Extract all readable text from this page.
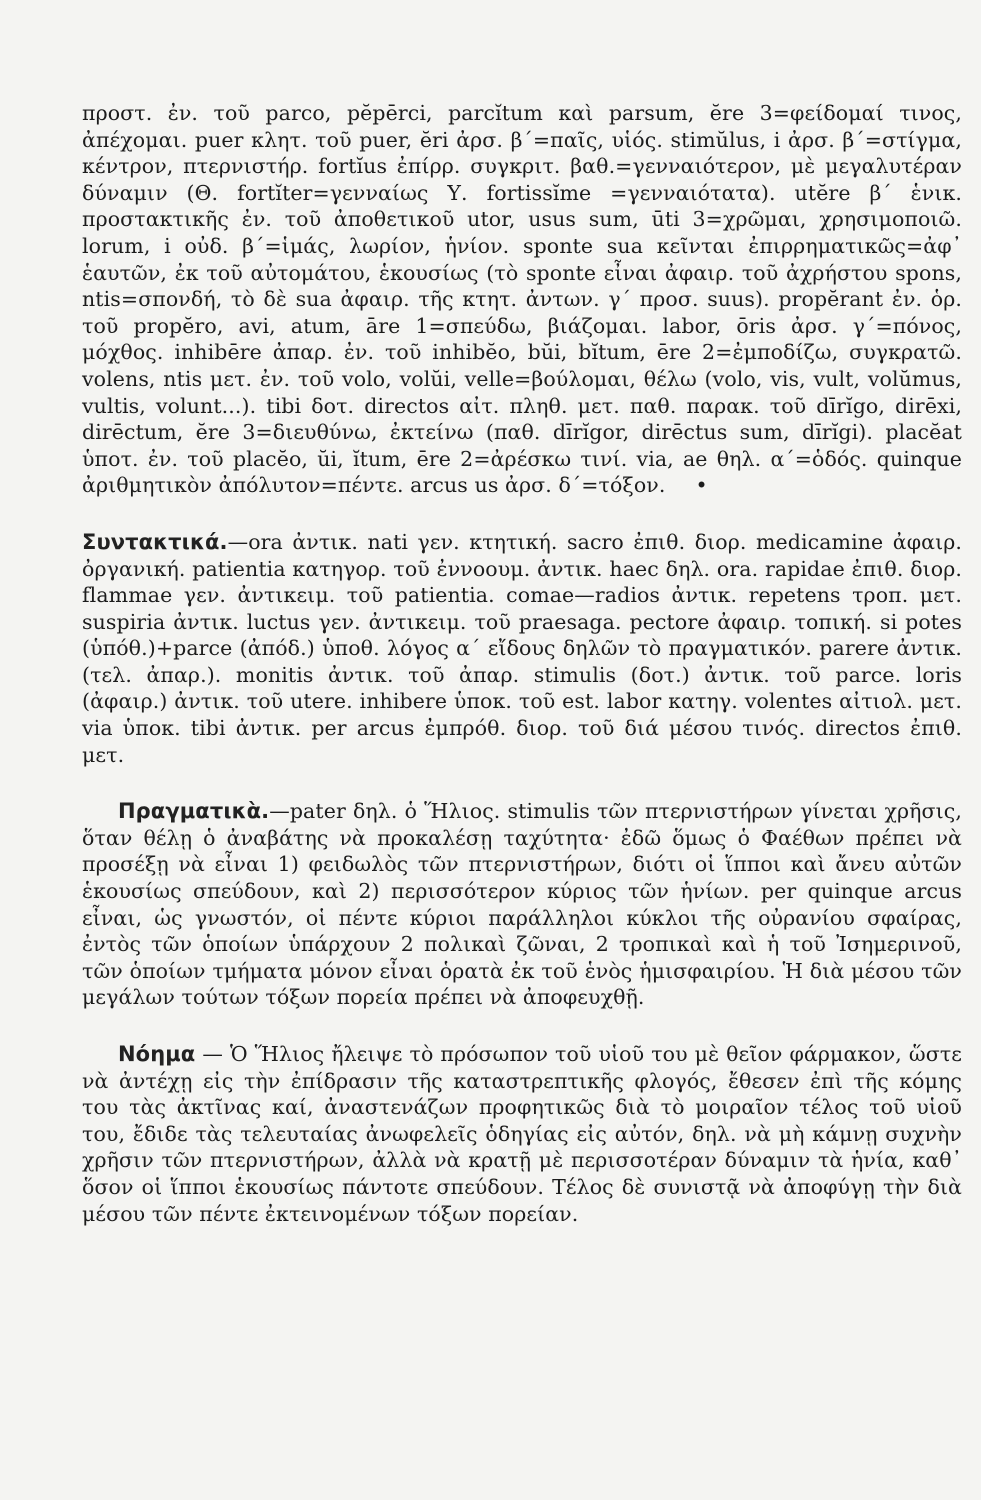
προστ. ἐν. τοῦ parco, pĕpērci, parcĭtum καὶ parsum, ĕre 3=φείδομαί τινος, ἀπέχομαι. puer κλητ. τοῦ puer, ĕri ἀρσ. β΄=παῖς, υἱός. stimŭlus, i ἀρσ. β΄=στίγμα, κέντρον, πτερνιστήρ. fortĭus ἐπίρρ. συγκριτ. βαθ.=γενναιότερον, μὲ μεγαλυτέραν δύναμιν (Θ. fortĭter=γενναίως Υ. fortissĭme =γενναιότατα). utĕre β΄ ἑνικ. προστακτικῆς ἐν. τοῦ ἀποθετικοῦ utor, usus sum, ūti 3=χρῶμαι, χρησιμοποιῶ. lorum, i οὐδ. β΄=ἱμάς, λωρίον, ἡνίον. sponte sua κεῖνται ἐπιρρηματικῶς=ἀφ᾽ ἑαυτῶν, ἐκ τοῦ αὐτομάτου, ἑκουσίως (τὸ sponte εἶναι ἀφαιρ. τοῦ ἀχρήστου spons, ntis=σπονδή, τὸ δὲ sua ἀφαιρ. τῆς κτητ. ἀντων. γ΄ προσ. suus). propĕrant ἐν. ὁρ. τοῦ propĕro, avi, atum, āre 1=σπεύδω, βιάζομαι. labor, ōris ἀρσ. γ΄=πόνος, μόχθος. inhibēre ἀπαρ. ἐν. τοῦ inhibĕo, bŭi, bĭtum, ēre 2=ἐμποδίζω, συγκρατῶ. volens, ntis μετ. ἐν. τοῦ volo, volŭi, velle=βούλομαι, θέλω (volo, vis, vult, volŭmus, vultis, volunt...). tibi δοτ. directos αἰτ. πληθ. μετ. παθ. παρακ. τοῦ dīrĭgo, dirēxi, dirēctum, ĕre 3=διευθύνω, ἐκτείνω (παθ. dīrĭgor, dirēctus sum, dīrĭgi). placĕat ὑποτ. ἐν. τοῦ placĕo, ŭi, ĭtum, ēre 2=ἀρέσκω τινί. via, ae θηλ. α΄=ὁδός. quinque ἀριθμητικὸν ἀπόλυτον=πέντε. arcus us ἀρσ. δ΄=τόξον. •

Συντακτικά.—ora ἀντικ. nati γεν. κτητική. sacro ἐπιθ. διορ. medicamine ἀφαιρ. ὀργανική. patientia κατηγορ. τοῦ ἐννοουμ. ἀντικ. haec δηλ. ora. rapidae ἐπιθ. διορ. flammae γεν. ἀντικειμ. τοῦ patientia. comae—radios ἀντικ. repetens τροπ. μετ. suspiria ἀντικ. luctus γεν. ἀντικειμ. τοῦ praesaga. pectore ἀφαιρ. τοπική. si potes (ὑπόθ.)+parce (ἀπόδ.) ὑποθ. λόγος α΄ εἴδους δηλῶν τὸ πραγματικόν. parere ἀντικ. (τελ. ἀπαρ.). monitis ἀντικ. τοῦ ἀπαρ. stimulis (δοτ.) ἀντικ. τοῦ parce. loris (ἀφαιρ.) ἀντικ. τοῦ utere. inhibere ὑποκ. τοῦ est. labor κατηγ. volentes αἰτιολ. μετ. via ὑποκ. tibi ἀντικ. per arcus ἐμπρόθ. διορ. τοῦ διά μέσου τινός. directos ἐπιθ. μετ.

Πραγματικὰ.—pater δηλ. ὁ Ἥλιος. stimulis τῶν πτερνιστήρων γίνεται χρῆσις, ὅταν θέλῃ ὁ ἀναβάτης νὰ προκαλέσῃ ταχύτητα· ἐδῶ ὅμως ὁ Φαέθων πρέπει νὰ προσέξῃ νὰ εἶναι 1) φειδωλὸς τῶν πτερνιστήρων, διότι οἱ ἵπποι καὶ ἄνευ αὐτῶν ἑκουσίως σπεύδουν, καὶ 2) περισσότερον κύριος τῶν ἡνίων. per quinque arcus εἶναι, ὡς γνωστόν, οἱ πέντε κύριοι παράλληλοι κύκλοι τῆς οὐρανίου σφαίρας, ἐντὸς τῶν ὁποίων ὑπάρχουν 2 πολικαὶ ζῶναι, 2 τροπικαὶ καὶ ἡ τοῦ Ἰσημερινοῦ, τῶν ὁποίων τμήματα μόνον εἶναι ὁρατὰ ἐκ τοῦ ἑνὸς ἡμισφαιρίου. Ἡ διὰ μέσου τῶν μεγάλων τούτων τόξων πορεία πρέπει νὰ ἀποφευχθῇ.

Νόημα — Ὁ Ἥλιος ἤλειψε τὸ πρόσωπον τοῦ υἱοῦ του μὲ θεῖον φάρμακον, ὥστε νὰ ἀντέχῃ εἰς τὴν ἐπίδρασιν τῆς καταστρεπτικῆς φλογός, ἔθεσεν ἐπὶ τῆς κόμης του τὰς ἀκτῖνας καί, ἀναστενάζων προφητικῶς διὰ τὸ μοιραῖον τέλος τοῦ υἱοῦ του, ἔδιδε τὰς τελευταίας ἀνωφελεῖς ὁδηγίας εἰς αὐτόν, δηλ. νὰ μὴ κάμνῃ συχνὴν χρῆσιν τῶν πτερνιστήρων, ἀλλὰ νὰ κρατῇ μὲ περισσοτέραν δύναμιν τὰ ἡνία, καθ᾽ ὅσον οἱ ἵπποι ἑκουσίως πάντοτε σπεύδουν. Τέλος δὲ συνιστᾷ νὰ ἀποφύγῃ τὴν διὰ μέσου τῶν πέντε ἐκτεινομένων τόξων πορείαν.
